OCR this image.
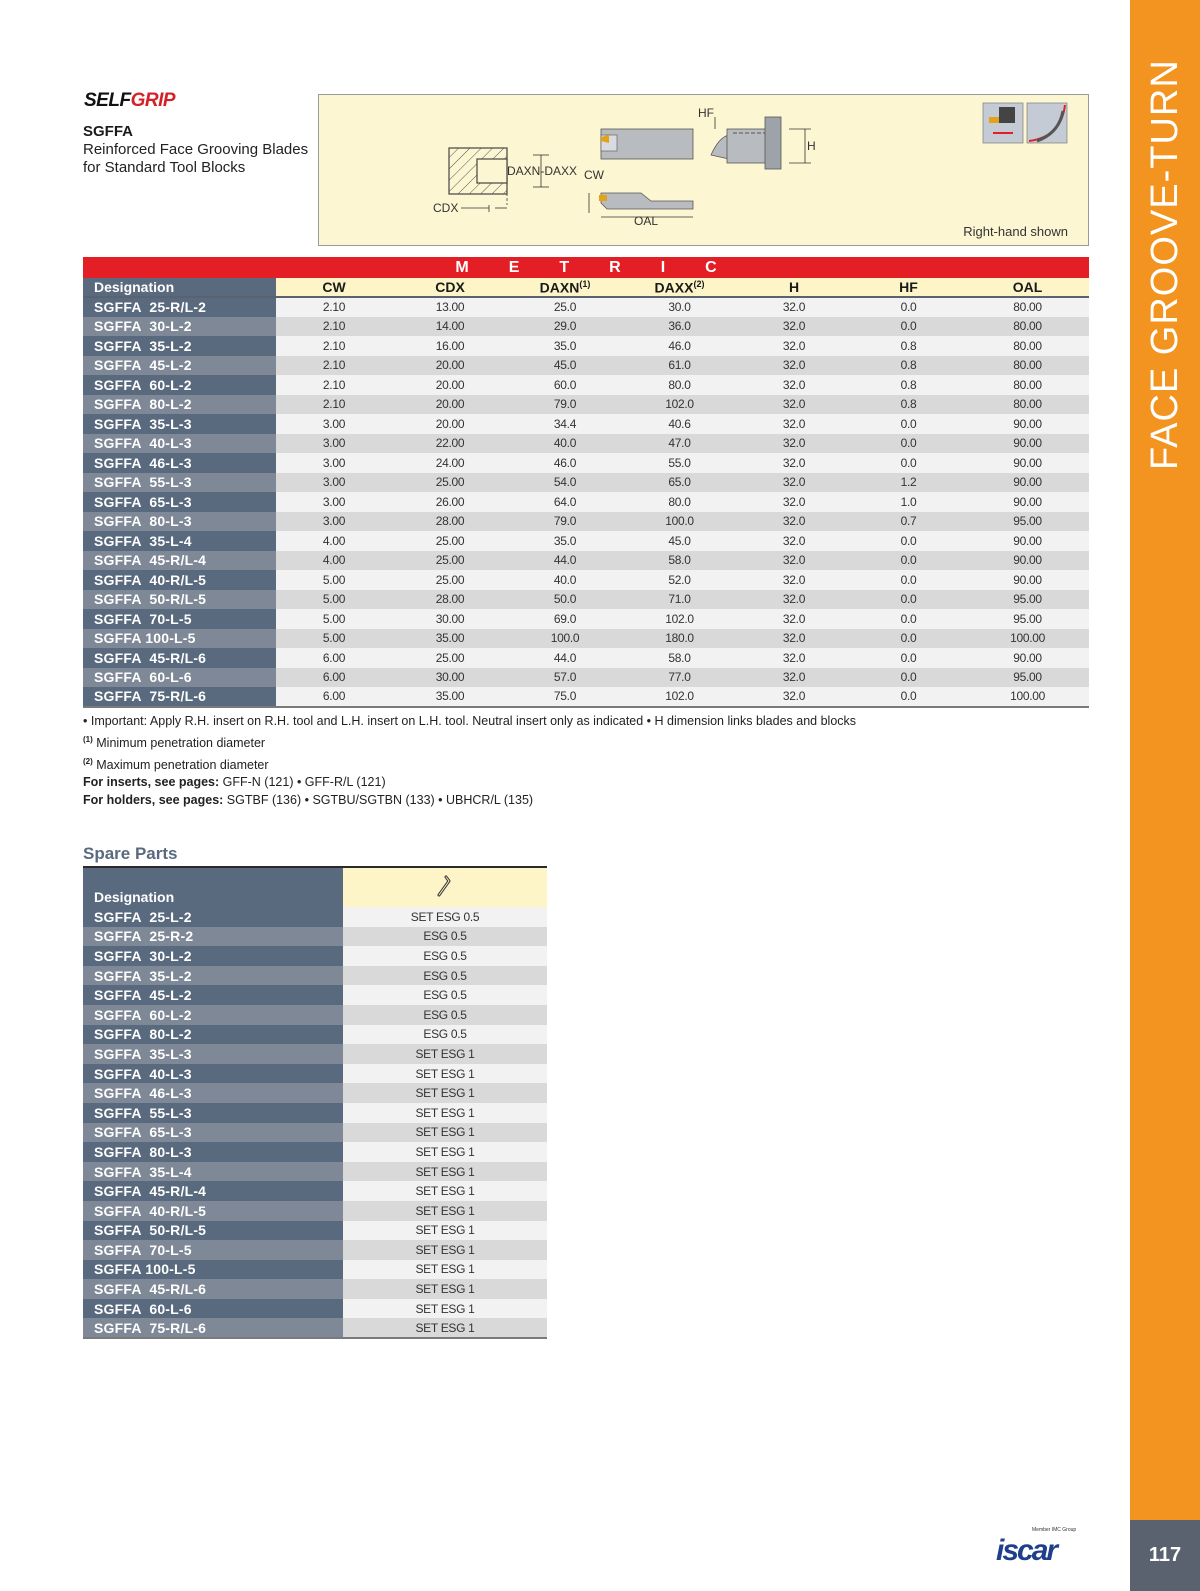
FACE GROOVE-TURN
117
SELFGRIP
SGFFA
Reinforced Face Grooving Blades for Standard Tool Blocks	DAXN-DAXX
CDX
CW
OAL
HF
H
Right-hand shown
METRIC							
Designation	CW	CDX	DAXN$^{(1)}$	DAXX$^{(2)}$	H	HF	OAL
SGFFA  25-R/L-2	2.10	13.00	25.0	30.0	32.0	0.0	80.00
SGFFA  30-L-2	2.10	14.00	29.0	36.0	32.0	0.0	80.00
SGFFA  35-L-2	2.10	16.00	35.0	46.0	32.0	0.8	80.00
SGFFA  45-L-2	2.10	20.00	45.0	61.0	32.0	0.8	80.00
SGFFA  60-L-2	2.10	20.00	60.0	80.0	32.0	0.8	80.00
SGFFA  80-L-2	2.10	20.00	79.0	102.0	32.0	0.8	80.00
SGFFA  35-L-3	3.00	20.00	34.4	40.6	32.0	0.0	90.00
SGFFA  40-L-3	3.00	22.00	40.0	47.0	32.0	0.0	90.00
SGFFA  46-L-3	3.00	24.00	46.0	55.0	32.0	0.0	90.00
SGFFA  55-L-3	3.00	25.00	54.0	65.0	32.0	1.2	90.00
SGFFA  65-L-3	3.00	26.00	64.0	80.0	32.0	1.0	90.00
SGFFA  80-L-3	3.00	28.00	79.0	100.0	32.0	0.7	95.00
SGFFA  35-L-4	4.00	25.00	35.0	45.0	32.0	0.0	90.00
SGFFA  45-R/L-4	4.00	25.00	44.0	58.0	32.0	0.0	90.00
SGFFA  40-R/L-5	5.00	25.00	40.0	52.0	32.0	0.0	90.00
SGFFA  50-R/L-5	5.00	28.00	50.0	71.0	32.0	0.0	95.00
SGFFA  70-L-5	5.00	30.00	69.0	102.0	32.0	0.0	95.00
SGFFA 100-L-5	5.00	35.00	100.0	180.0	32.0	0.0	100.00
SGFFA  45-R/L-6	6.00	25.00	44.0	58.0	32.0	0.0	90.00
SGFFA  60-L-6	6.00	30.00	57.0	77.0	32.0	0.0	95.00
SGFFA  75-R/L-6	6.00	35.00	75.0	102.0	32.0	0.0	100.00
• Important: Apply R.H. insert on R.H. tool and L.H. insert on L.H. tool. Neutral insert only as indicated • H dimension links blades and blocks
$^{(1)}$ Minimum penetration diameter
$^{(2)}$ Maximum penetration diameter
For inserts, see pages: GFF-N (121) • GFF-R/L (121)
For holders, see pages: SGTBF (136) • SGTBU/SGTBN (133) • UBHCR/L (135)
Spare Parts
Designation	
SGFFA  25-L-2	SET ESG 0.5
SGFFA  25-R-2	ESG 0.5
SGFFA  30-L-2	ESG 0.5
SGFFA  35-L-2	ESG 0.5
SGFFA  45-L-2	ESG 0.5
SGFFA  60-L-2	ESG 0.5
SGFFA  80-L-2	ESG 0.5
SGFFA  35-L-3	SET ESG 1
SGFFA  40-L-3	SET ESG 1
SGFFA  46-L-3	SET ESG 1
SGFFA  55-L-3	SET ESG 1
SGFFA  65-L-3	SET ESG 1
SGFFA  80-L-3	SET ESG 1
SGFFA  35-L-4	SET ESG 1
SGFFA  45-R/L-4	SET ESG 1
SGFFA  40-R/L-5	SET ESG 1
SGFFA  50-R/L-5	SET ESG 1
SGFFA  70-L-5	SET ESG 1
SGFFA 100-L-5	SET ESG 1
SGFFA  45-R/L-6	SET ESG 1
SGFFA  60-L-6	SET ESG 1
SGFFA  75-R/L-6	SET ESG 1
Member IMC Group
iscar
